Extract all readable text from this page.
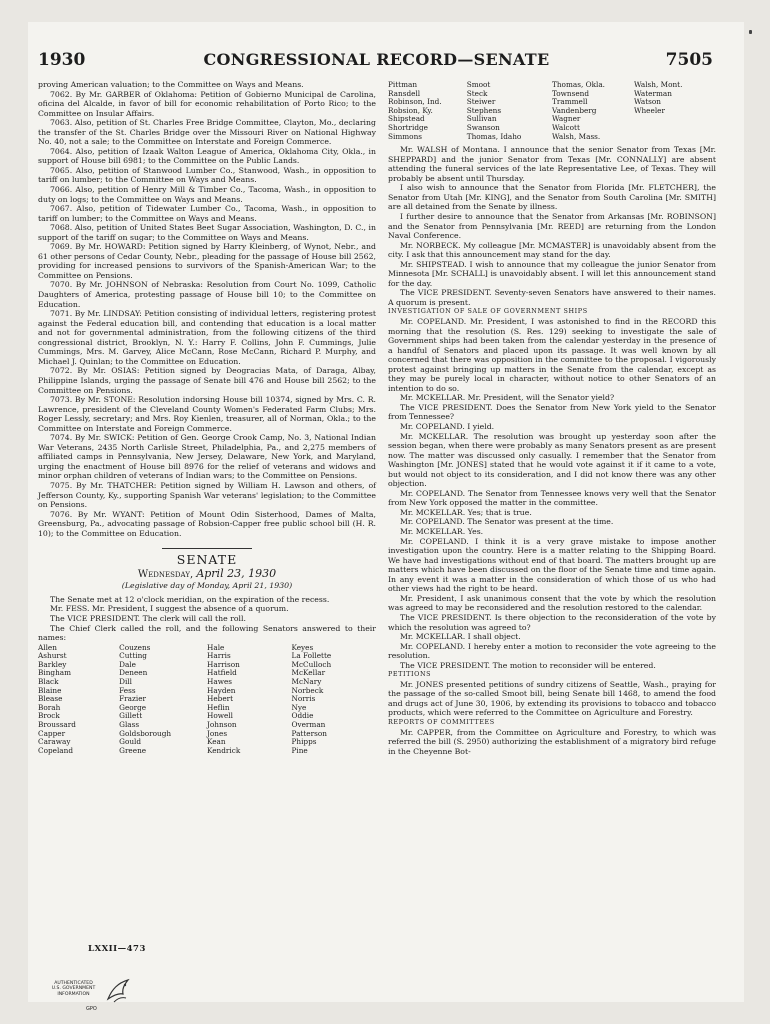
1930	CONGRESSIONAL RECORD—SENATE	7505

proving American valuation; to the Committee on Ways and Means.

7062. By Mr. GARBER of Oklahoma: Petition of Gobierno Municipal de Carolina, oficina del Alcalde, in favor of bill for economic rehabilitation of Porto Rico; to the Committee on Insular Affairs.

7063. Also, petition of St. Charles Free Bridge Committee, Clayton, Mo., declaring the transfer of the St. Charles Bridge over the Missouri River on National Highway No. 40, not a sale; to the Committee on Interstate and Foreign Commerce.

7064. Also, petition of Izaak Walton League of America, Oklahoma City, Okla., in support of House bill 6981; to the Committee on the Public Lands.

7065. Also, petition of Stanwood Lumber Co., Stanwood, Wash., in opposition to tariff on lumber; to the Committee on Ways and Means.

7066. Also, petition of Henry Mill & Timber Co., Tacoma, Wash., in opposition to duty on logs; to the Committee on Ways and Means.

7067. Also, petition of Tidewater Lumber Co., Tacoma, Wash., in opposition to tariff on lumber; to the Committee on Ways and Means.

7068. Also, petition of United States Beet Sugar Association, Washington, D. C., in support of the tariff on sugar; to the Committee on Ways and Means.

7069. By Mr. HOWARD: Petition signed by Harry Kleinberg, of Wynot, Nebr., and 61 other persons of Cedar County, Nebr., pleading for the passage of House bill 2562, providing for increased pensions to survivors of the Spanish-American War; to the Committee on Pensions.

7070. By Mr. JOHNSON of Nebraska: Resolution from Court No. 1099, Catholic Daughters of America, protesting passage of House bill 10; to the Committee on Education.

7071. By Mr. LINDSAY: Petition consisting of individual letters, registering protest against the Federal education bill, and contending that education is a local matter and not for governmental administration, from the following citizens of the third congressional district, Brooklyn, N. Y.: Harry F. Collins, John F. Cummings, Julie Cummings, Mrs. M. Garvey, Alice McCann, Rose McCann, Richard P. Murphy, and Michael J. Quinlan; to the Committee on Education.

7072. By Mr. OSIAS: Petition signed by Deogracias Mata, of Daraga, Albay, Philippine Islands, urging the passage of Senate bill 476 and House bill 2562; to the Committee on Pensions.

7073. By Mr. STONE: Resolution indorsing House bill 10374, signed by Mrs. C. R. Lawrence, president of the Cleveland County Women's Federated Farm Clubs; Mrs. Roger Lessly, secretary; and Mrs. Roy Kienlen, treasurer, all of Norman, Okla.; to the Committee on Interstate and Foreign Commerce.

7074. By Mr. SWICK: Petition of Gen. George Crook Camp, No. 3, National Indian War Veterans, 2435 North Carlisle Street, Philadelphia, Pa., and 2,275 members of affiliated camps in Pennsylvania, New Jersey, Delaware, New York, and Maryland, urging the enactment of House bill 8976 for the relief of veterans and widows and minor orphan children of veterans of Indian wars; to the Committee on Pensions.

7075. By Mr. THATCHER: Petition signed by William H. Lawson and others, of Jefferson County, Ky., supporting Spanish War veterans' legislation; to the Committee on Pensions.

7076. By Mr. WYANT: Petition of Mount Odin Sisterhood, Dames of Malta, Greensburg, Pa., advocating passage of Robsion-Capper free public school bill (H. R. 10); to the Committee on Education.

SENATE
Wednesday, April 23, 1930
(Legislative day of Monday, April 21, 1930)

The Senate met at 12 o'clock meridian, on the expiration of the recess.

Mr. FESS. Mr. President, I suggest the absence of a quorum.

The VICE PRESIDENT. The clerk will call the roll.

The Chief Clerk called the roll, and the following Senators answered to their names:

Allen	Couzens	Hale	Keyes
Ashurst	Cutting	Harris	La Follette
Barkley	Dale	Harrison	McCulloch
Bingham	Deneen	Hatfield	McKellar
Black	Dill	Hawes	McNary
Blaine	Fess	Hayden	Norbeck
Blease	Frazier	Hebert	Norris
Borah	George	Heflin	Nye
Brock	Gillett	Howell	Oddie
Broussard	Glass	Johnson	Overman
Capper	Goldsborough	Jones	Patterson
Caraway	Gould	Kean	Phipps
Copeland	Greene	Kendrick	Pine
Pittman	Smoot	Thomas, Okla.	Walsh, Mont.
Ransdell	Steck	Townsend	Waterman
Robinson, Ind.	Steiwer	Trammell	Watson
Robsion, Ky.	Stephens	Vandenberg	Wheeler
Shipstead	Sullivan	Wagner
Shortridge	Swanson	Walcott
Simmons	Thomas, Idaho	Walsh, Mass.

Mr. WALSH of Montana. I announce that the senior Senator from Texas [Mr. SHEPPARD] and the junior Senator from Texas [Mr. CONNALLY] are absent attending the funeral services of the late Representative Lee, of Texas. They will probably be absent until Thursday.

I also wish to announce that the Senator from Florida [Mr. FLETCHER], the Senator from Utah [Mr. KING], and the Senator from South Carolina [Mr. SMITH] are all detained from the Senate by illness.

I further desire to announce that the Senator from Arkansas [Mr. ROBINSON] and the Senator from Pennsylvania [Mr. REED] are returning from the London Naval Conference.

Mr. NORBECK. My colleague [Mr. MCMASTER] is unavoidably absent from the city. I ask that this announcement may stand for the day.

Mr. SHIPSTEAD. I wish to announce that my colleague the junior Senator from Minnesota [Mr. SCHALL] is unavoidably absent. I will let this announcement stand for the day.

The VICE PRESIDENT. Seventy-seven Senators have answered to their names. A quorum is present.

INVESTIGATION OF SALE OF GOVERNMENT SHIPS

Mr. COPELAND. Mr. President, I was astonished to find in the RECORD this morning that the resolution (S. Res. 129) seeking to investigate the sale of Government ships had been taken from the calendar yesterday in the presence of a handful of Senators and placed upon its passage. It was well known by all concerned that there was opposition in the committee to the proposal. I vigorously protest against bringing up matters in the Senate from the calendar, except as they may be purely local in character, without notice to other Senators of an intention to do so.

Mr. MCKELLAR. Mr. President, will the Senator yield?

The VICE PRESIDENT. Does the Senator from New York yield to the Senator from Tennessee?

Mr. COPELAND. I yield.

Mr. MCKELLAR. The resolution was brought up yesterday soon after the session began, when there were probably as many Senators present as are present now. The matter was discussed only casually. I remember that the Senator from Washington [Mr. JONES] stated that he would vote against it if it came to a vote, but would not object to its consideration, and I did not know there was any other objection.

Mr. COPELAND. The Senator from Tennessee knows very well that the Senator from New York opposed the matter in the committee.

Mr. MCKELLAR. Yes; that is true.

Mr. COPELAND. The Senator was present at the time.

Mr. MCKELLAR. Yes.

Mr. COPELAND. I think it is a very grave mistake to impose another investigation upon the country. Here is a matter relating to the Shipping Board. We have had investigations without end of that board. The matters brought up are matters which have been discussed on the floor of the Senate time and time again. In any event it was a matter in the consideration of which those of us who had other views had the right to be heard.

Mr. President, I ask unanimous consent that the vote by which the resolution was agreed to may be reconsidered and the resolution restored to the calendar.

The VICE PRESIDENT. Is there objection to the reconsideration of the vote by which the resolution was agreed to?

Mr. MCKELLAR. I shall object.

Mr. COPELAND. I hereby enter a motion to reconsider the vote agreeing to the resolution.

The VICE PRESIDENT. The motion to reconsider will be entered.

PETITIONS

Mr. JONES presented petitions of sundry citizens of Seattle, Wash., praying for the passage of the so-called Smoot bill, being Senate bill 1468, to amend the food and drugs act of June 30, 1906, by extending its provisions to tobacco and tobacco products, which were referred to the Committee on Agriculture and Forestry.

REPORTS OF COMMITTEES

Mr. CAPPER, from the Committee on Agriculture and Forestry, to which was referred the bill (S. 2950) authorizing the establishment of a migratory bird refuge in the Cheyenne Bot-

LXXII—473
AUTHENTICATED
U.S. GOVERNMENT
INFORMATION
GPO
